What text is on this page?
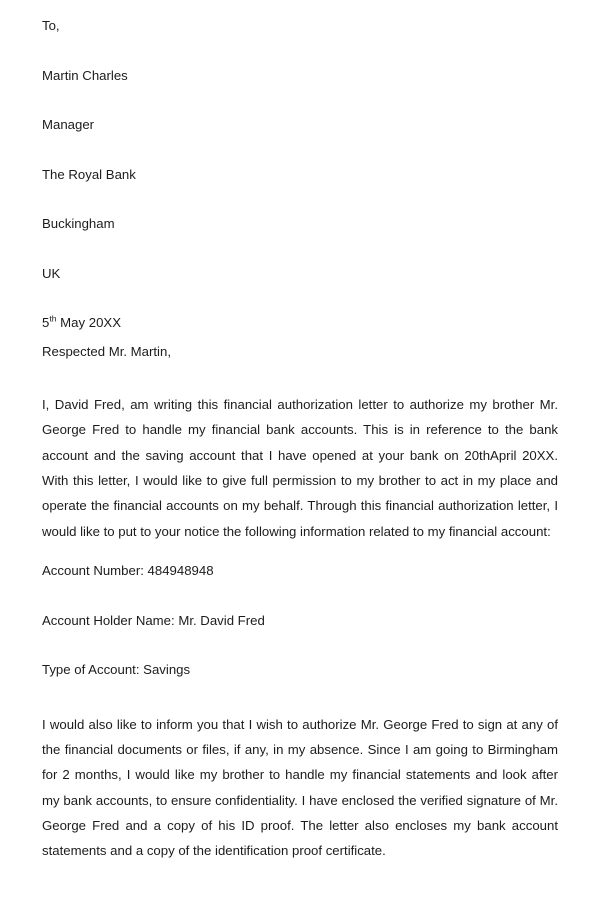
To,

Martin Charles

Manager

The Royal Bank

Buckingham

UK

5th May 20XX

Respected Mr. Martin,

I, David Fred, am writing this financial authorization letter to authorize my brother Mr. George Fred to handle my financial bank accounts. This is in reference to the bank account and the saving account that I have opened at your bank on 20thApril 20XX. With this letter, I would like to give full permission to my brother to act in my place and operate the financial accounts on my behalf. Through this financial authorization letter, I would like to put to your notice the following information related to my financial account:

Account Number: 484948948

Account Holder Name: Mr. David Fred

Type of Account: Savings

I would also like to inform you that I wish to authorize Mr. George Fred to sign at any of the financial documents or files, if any, in my absence. Since I am going to Birmingham for 2 months, I would like my brother to handle my financial statements and look after my bank accounts, to ensure confidentiality. I have enclosed the verified signature of Mr. George Fred and a copy of his ID proof. The letter also encloses my bank account statements and a copy of the identification proof certificate.
